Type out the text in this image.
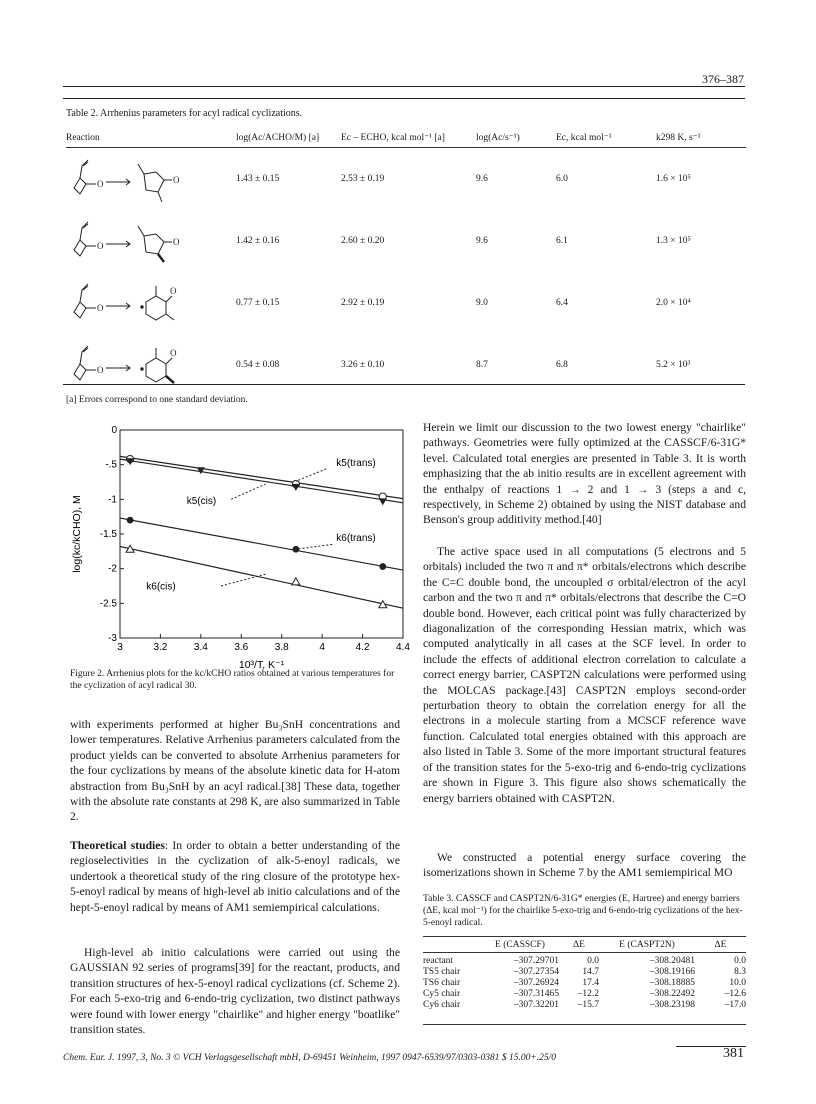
376–387
Table 2. Arrhenius parameters for acyl radical cyclizations.
Reaction	log(Ac/ACHO/M) [a]	Ec – ECHO, kcal mol⁻¹ [a]	log(Ac/s⁻¹)	Ec, kcal mol⁻¹	k298 K, s⁻¹

O O	1.43 ± 0.15	2.53 ± 0.19	9.6	6.0	1.6 × 10⁵

O O	1.42 ± 0.16	2.60 ± 0.20	9.6	6.1	1.3 × 10⁵

O
O	0.77 ± 0.15	2.92 ± 0.19	9.0	6.4	2.0 × 10⁴

O
O	0.54 ± 0.08	3.26 ± 0.10	8.7	6.8	5.2 × 10³
[a] Errors correspond to one standard deviation.
3	3.2	3.4	3.6	3.8	4	4.2	4.4
0
-.5
-1
-1.5
-2
-2.5
-3
10³/T, K⁻¹
log(kc/kCHO), M
k5(trans)
k5(cis)
k6(trans)
k6(cis)
Figure 2. Arrhenius plots for the kc/kCHO ratios obtained at various temperatures for the cyclization of acyl radical 30.
with experiments performed at higher Bu₃SnH concentrations and lower temperatures. Relative Arrhenius parameters calculated from the product yields can be converted to absolute Arrhenius parameters for the four cyclizations by means of the absolute kinetic data for H-atom abstraction from Bu₃SnH by an acyl radical.[38] These data, together with the absolute rate constants at 298 K, are also summarized in Table 2.
Theoretical studies: In order to obtain a better understanding of the regioselectivities in the cyclization of alk-5-enoyl radicals, we undertook a theoretical study of the ring closure of the prototype hex-5-enoyl radical by means of high-level ab initio calculations and of the hept-5-enoyl radical by means of AM1 semiempirical calculations.
High-level ab initio calculations were carried out using the GAUSSIAN 92 series of programs[39] for the reactant, products, and transition structures of hex-5-enoyl radical cyclizations (cf. Scheme 2). For each 5-exo-trig and 6-endo-trig cyclization, two distinct pathways were found with lower energy "chairlike" and higher energy "boatlike" transition states.
Herein we limit our discussion to the two lowest energy "chairlike" pathways. Geometries were fully optimized at the CASSCF/6-31G* level. Calculated total energies are presented in Table 3. It is worth emphasizing that the ab initio results are in excellent agreement with the enthalpy of reactions 1 → 2 and 1 → 3 (steps a and c, respectively, in Scheme 2) obtained by using the NIST database and Benson's group additivity method.[40]
The active space used in all computations (5 electrons and 5 orbitals) included the two π and π* orbitals/electrons which describe the C=C double bond, the uncoupled σ orbital/electron of the acyl carbon and the two π and π* orbitals/electrons that describe the C=O double bond. However, each critical point was fully characterized by diagonalization of the corresponding Hessian matrix, which was computed analytically in all cases at the SCF level. In order to include the effects of additional electron correlation to calculate a correct energy barrier, CASPT2N calculations were performed using the MOLCAS package.[43] CASPT2N employs second-order perturbation theory to obtain the correlation energy for all the electrons in a molecule starting from a MCSCF reference wave function. Calculated total energies obtained with this approach are also listed in Table 3. Some of the more important structural features of the transition states for the 5-exo-trig and 6-endo-trig cyclizations are shown in Figure 3. This figure also shows schematically the energy barriers obtained with CASPT2N.
We constructed a potential energy surface covering the isomerizations shown in Scheme 7 by the AM1 semiempirical MO
Table 3. CASSCF and CASPT2N/6-31G* energies (E, Hartree) and energy barriers (ΔE, kcal mol⁻¹) for the chairlike 5-exo-trig and 6-endo-trig cyclizations of the hex-5-enoyl radical.
	E (CASSCF)	ΔE	E (CASPT2N)	ΔE
reactant	–307.29701	0.0	–308.20481	0.0
TS5 chair	–307.27354	14.7	–308.19166	8.3
TS6 chair	–307.26924	17.4	–308.18885	10.0
Cy5 chair	–307.31465	–12.2	–308.22492	–12.6
Cy6 chair	–307.32201	–15.7	–308.23198	–17.0
Chem. Eur. J. 1997, 3, No. 3 © VCH Verlagsgesellschaft mbH, D-69451 Weinheim, 1997 0947-6539/97/0303-0381 $ 15.00+.25/0	381
